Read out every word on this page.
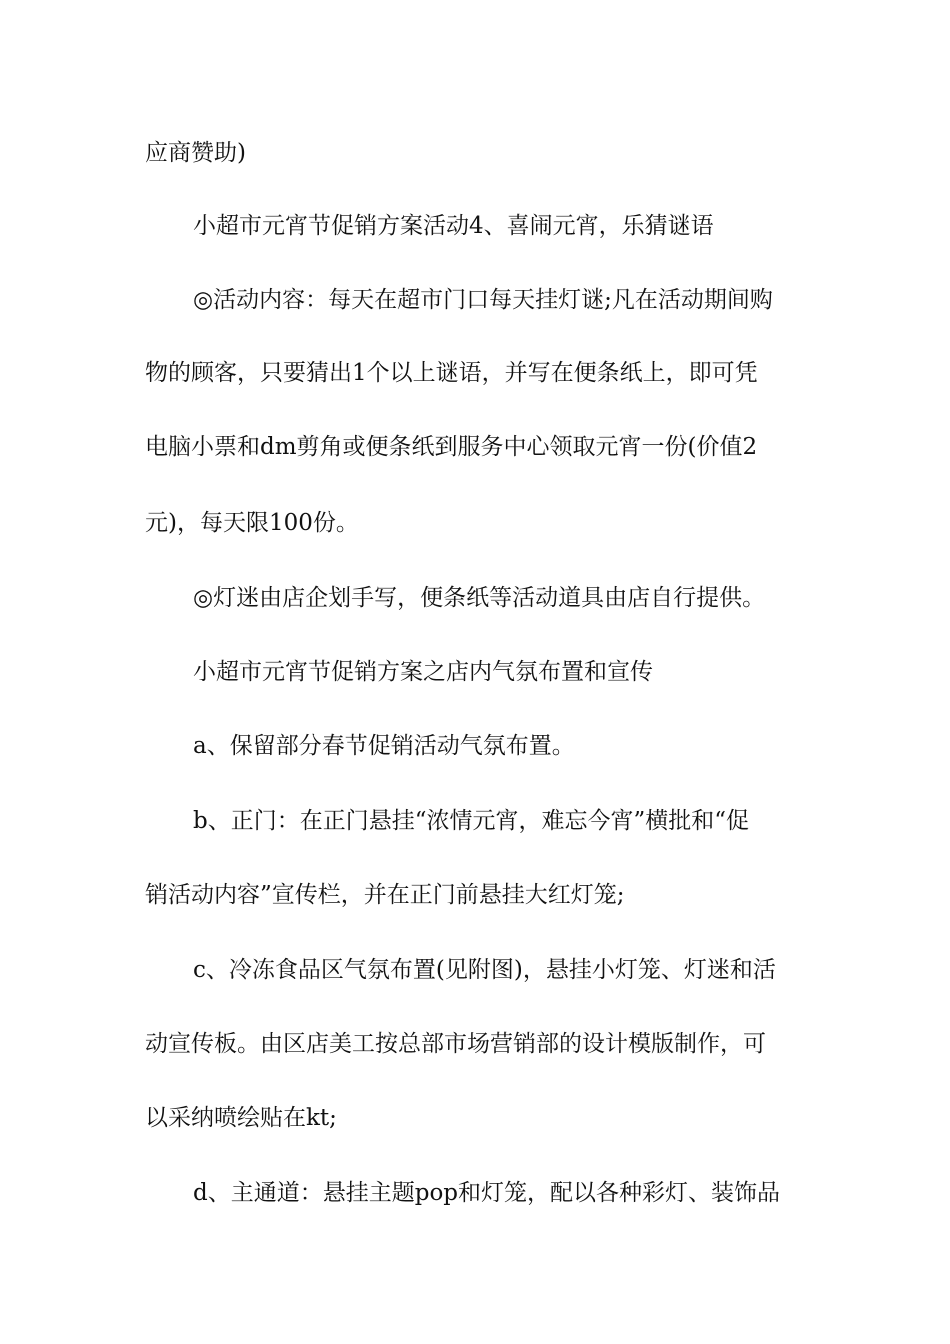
应商赞助)
小超市元宵节促销方案活动4、喜闹元宵，乐猜谜语
◎活动内容：每天在超市门口每天挂灯谜;凡在活动期间购
物的顾客，只要猜出1个以上谜语，并写在便条纸上，即可凭
电脑小票和dm剪角或便条纸到服务中心领取元宵一份(价值2
元)，每天限100份。
◎灯迷由店企划手写，便条纸等活动道具由店自行提供。
小超市元宵节促销方案之店内气氛布置和宣传
a、保留部分春节促销活动气氛布置。
b、正门：在正门悬挂“浓情元宵，难忘今宵”横批和“促
销活动内容”宣传栏，并在正门前悬挂大红灯笼;
c、冷冻食品区气氛布置(见附图)，悬挂小灯笼、灯迷和活
动宣传板。由区店美工按总部市场营销部的设计模版制作，可
以采纳喷绘贴在kt;
d、主通道：悬挂主题pop和灯笼，配以各种彩灯、装饰品
